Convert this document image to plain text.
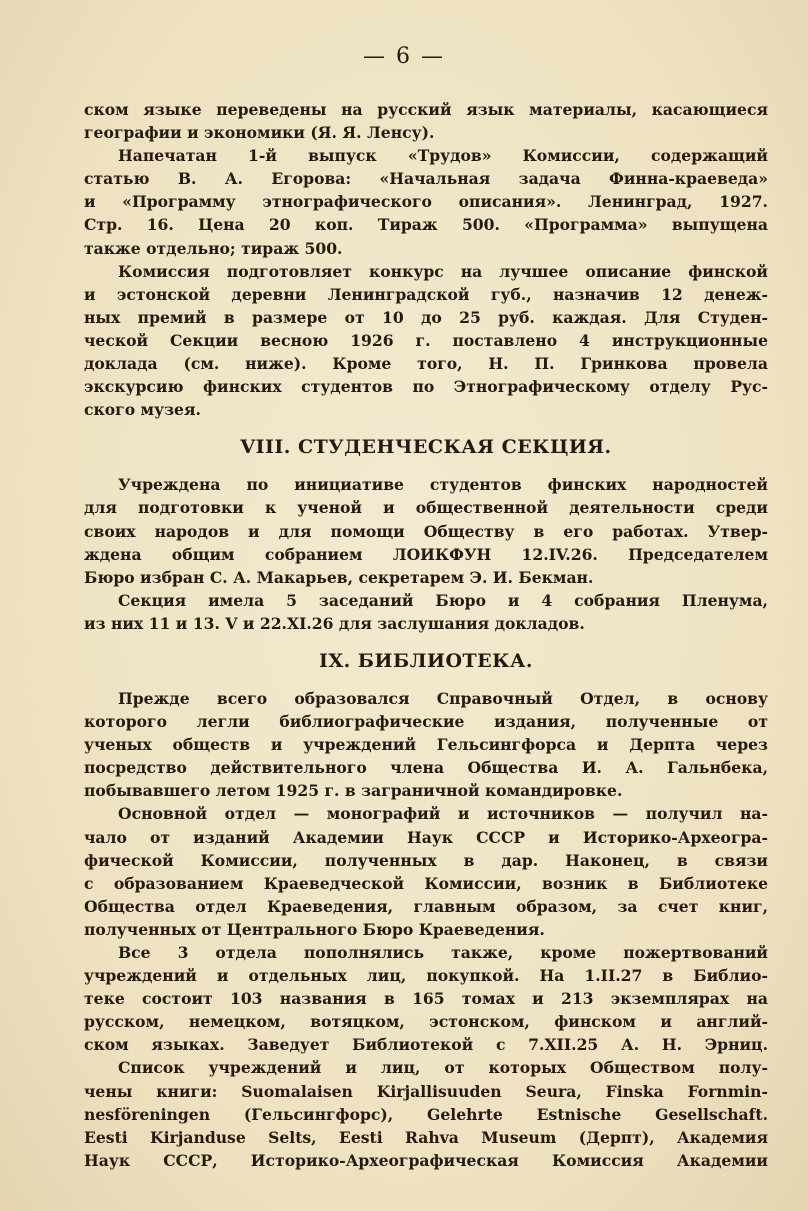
— 6 —
ском языке переведены на русский язык материалы, касающиеся
географии и экономики (Я. Я. Ленсу).
Напечатан 1-й выпуск «Трудов» Комиссии, содержащий
статью В. А. Егорова: «Начальная задача Финна-краеведа»
и «Программу этнографического описания». Ленинград, 1927.
Стр. 16. Цена 20 коп. Тираж 500. «Программа» выпущена
также отдельно; тираж 500.
Комиссия подготовляет конкурс на лучшее описание финской
и эстонской деревни Ленинградской губ., назначив 12 денеж-
ных премий в размере от 10 до 25 руб. каждая. Для Студен-
ческой Секции весною 1926 г. поставлено 4 инструкционные
доклада (см. ниже). Кроме того, Н. П. Гринкова провела
экскурсию финских студентов по Этнографическому отделу Рус-
ского музея.
VIII. СТУДЕНЧЕСКАЯ СЕКЦИЯ.
Учреждена по инициативе студентов финских народностей
для подготовки к ученой и общественной деятельности среди
своих народов и для помощи Обществу в его работах. Утвер-
ждена общим собранием ЛОИКФУН 12.IV.26. Председателем
Бюро избран С. А. Макарьев, секретарем Э. И. Бекман.
Секция имела 5 заседаний Бюро и 4 собрания Пленума,
из них 11 и 13. V и 22.XI.26 для заслушания докладов.
IX. БИБЛИОТЕКА.
Прежде всего образовался Справочный Отдел, в основу
которого легли библиографические издания, полученные от
ученых обществ и учреждений Гельсингфорса и Дерпта через
посредство действительного члена Общества И. А. Гальнбека,
побывавшего летом 1925 г. в заграничной командировке.
Основной отдел — монографий и источников — получил на-
чало от изданий Академии Наук СССР и Историко-Археогра-
фической Комиссии, полученных в дар. Наконец, в связи
с образованием Краеведческой Комиссии, возник в Библиотеке
Общества отдел Краеведения, главным образом, за счет книг,
полученных от Центрального Бюро Краеведения.
Все 3 отдела пополнялись также, кроме пожертвований
учреждений и отдельных лиц, покупкой. На 1.II.27 в Библио-
теке состоит 103 названия в 165 томах и 213 экземплярах на
русском, немецком, вотяцком, эстонском, финском и англий-
ском языках. Заведует Библиотекой с 7.XII.25 А. Н. Эрниц.
Список учреждений и лиц, от которых Обществом полу-
чены книги: Suomalaisen Kirjallisuuden Seura, Finska Fornmin-
nesföreningen (Гельсингфорс), Gelehrte Estnische Gesellschaft.
Eesti Kirjanduse Selts, Eesti Rahva Museum (Дерпт), Академия
Наук СССР, Историко-Археографическая Комиссия Академии
